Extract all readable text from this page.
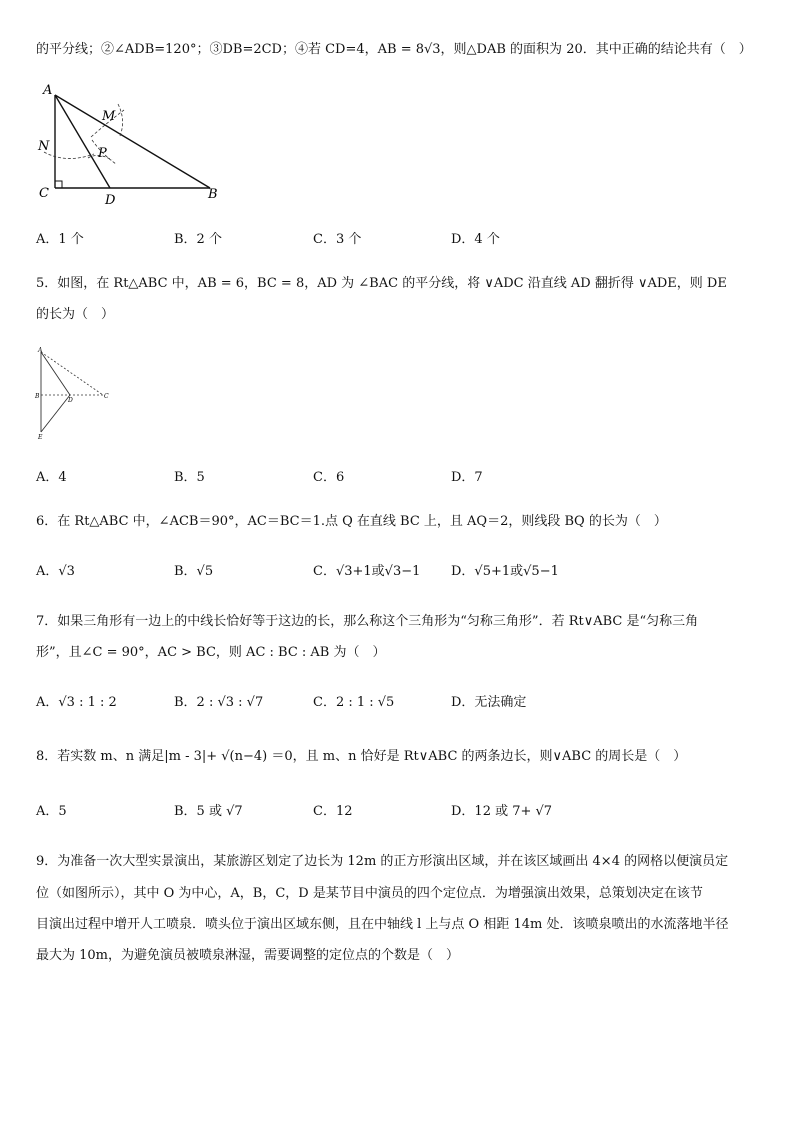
的平分线；②∠ADB=120°；③DB=2CD；④若 CD=4，AB = 8√3，则△DAB 的面积为 20．其中正确的结论共有（　）
A
N
C	D	B
M
P
A．1 个	B．2 个	C．3 个	D．4 个
5．如图，在 Rt△ABC 中，AB = 6，BC = 8，AD 为 ∠BAC 的平分线，将 ∨ADC 沿直线 AD 翻折得 ∨ADE，则 DE
的长为（　）
A
B
D
C
E
A．4	B．5	C．6	D．7
6．在 Rt△ABC 中，∠ACB＝90°，AC＝BC＝1.点 Q 在直线 BC 上，且 AQ＝2，则线段 BQ 的长为（　）
A．√3	B．√5	C．√3+1或√3−1 D．√5+1或√5−1
7．如果三角形有一边上的中线长恰好等于这边的长，那么称这个三角形为“匀称三角形”．若 Rt∨ABC 是“匀称三角
形”，且∠C = 90°，AC > BC，则 AC : BC : AB 为（　）
A．√3 : 1 : 2	B．2 : √3 : √7	C．2 : 1 : √5	D．无法确定
8．若实数 m、n 满足|m - 3|+ √(n−4) ＝0，且 m、n 恰好是 Rt∨ABC 的两条边长，则∨ABC 的周长是（　）
A．5	B．5 或 √7	C．12	D．12 或 7+ √7
9．为准备一次大型实景演出，某旅游区划定了边长为 12m 的正方形演出区域，并在该区域画出 4×4 的网格以便演员定
位（如图所示），其中 O 为中心，A，B，C，D 是某节目中演员的四个定位点．为增强演出效果，总策划决定在该节
目演出过程中增开人工喷泉．喷头位于演出区域东侧，且在中轴线 l 上与点 O 相距 14m 处．该喷泉喷出的水流落地半径
最大为 10m，为避免演员被喷泉淋湿，需要调整的定位点的个数是（　）
